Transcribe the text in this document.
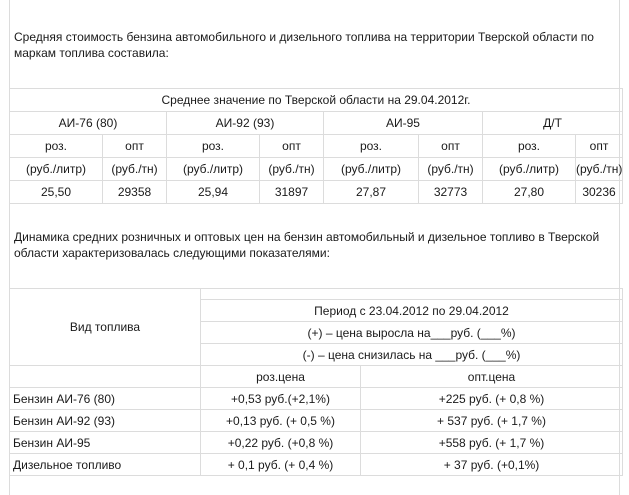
Средняя стоимость бензина автомобильного и дизельного топлива на территории Тверской области по маркам топлива составила:
Среднее значение по Тверской области на 29.04.2012г.							
АИ-76 (80)		АИ-92 (93)		АИ-95		Д/Т	
роз.	опт	роз.	опт	роз.	опт	роз.	опт
(руб./литр)	(руб./тн)	(руб./литр)	(руб./тн)	(руб./литр)	(руб./тн)	(руб./литр)	(руб./тн)
25,50	29358	25,94	31897	27,87	32773	27,80	30236
Динамика средних розничных и оптовых цен на бензин автомобильный и дизельное топливо в Тверской области характеризовалась следующими показателями:
Вид топлива		
	Период с 23.04.2012 по 29.04.2012	
	(+) – цена выросла на___руб. (___%)	
	(-) – цена снизилась на ___руб. (___%)	
	роз.цена	опт.цена
Бензин АИ-76 (80)	+0,53 руб.(+2,1%)	+225 руб. (+ 0,8 %)
Бензин АИ-92 (93)	+0,13 руб. (+ 0,5 %)	+ 537 руб. (+ 1,7 %)
Бензин АИ-95	+0,22 руб. (+0,8 %)	+558 руб. (+ 1,7 %)
Дизельное топливо	+ 0,1 руб. (+ 0,4 %)	+ 37 руб. (+0,1%)
